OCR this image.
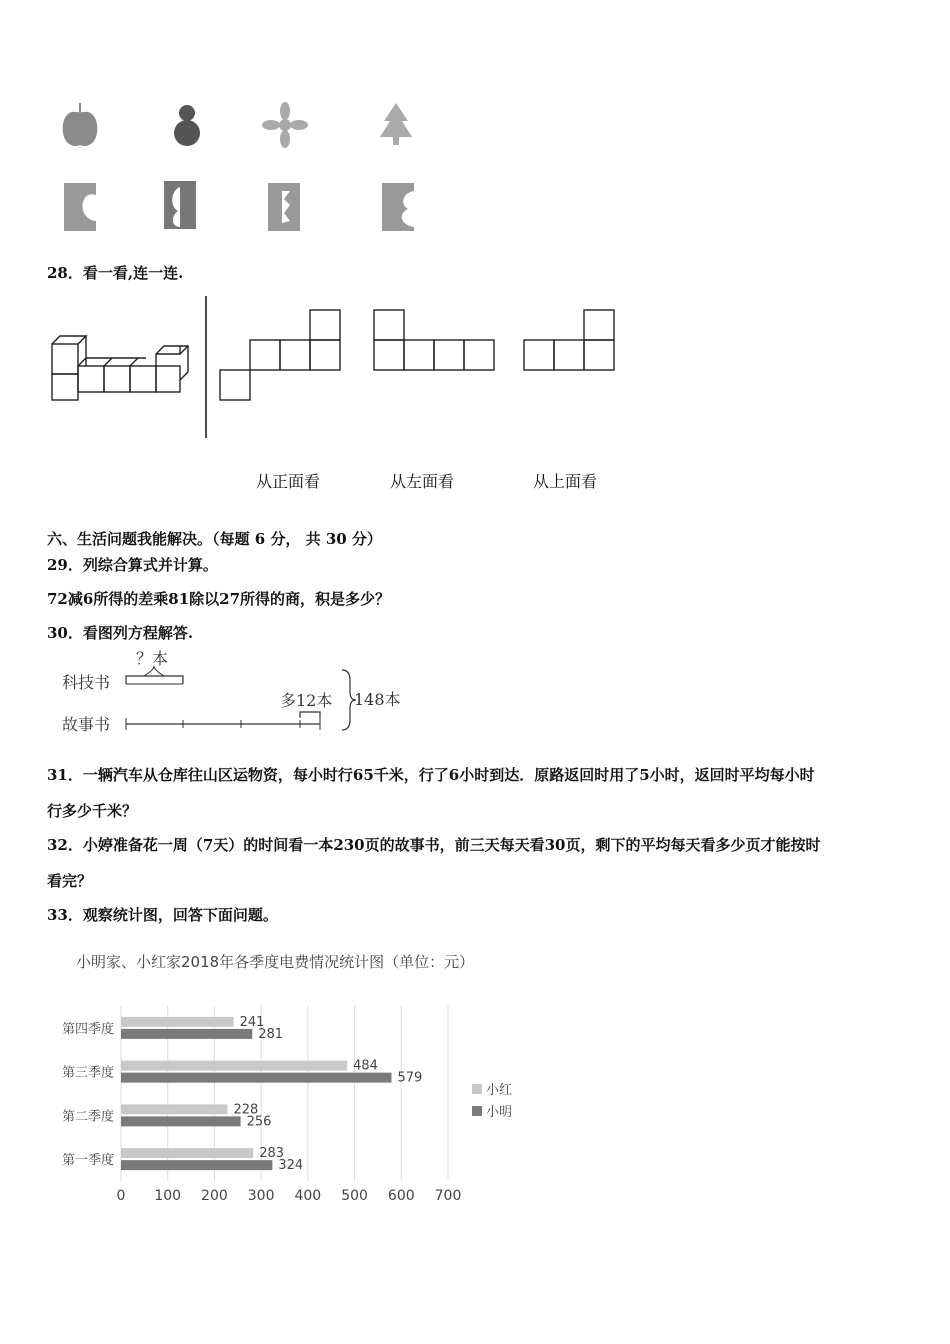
28．看一看,连一连.
从正面看	从左面看	从上面看
六、生活问题我能解决。（每题 6 分， 共 30 分）
29．列综合算式并计算。
72减6所得的差乘81除以27所得的商，积是多少？
30．看图列方程解答.
？本
科技书
多12本
故事书
148本
31．一辆汽车从仓库往山区运物资，每小时行65千米，行了6小时到达．原路返回时用了5小时，返回时平均每小时
行多少千米？
32．小婷准备花一周（7天）的时间看一本230页的故事书，前三天每天看30页，剩下的平均每天看多少页才能按时
看完？
33．观察统计图，回答下面问题。
小明家、小红家2018年各季度电费情况统计图（单位：元）
0 100 200 300 400 500 600 700
第四季度	241
281
第三季度	484
579
第二季度	228
256
第一季度	283
324
小红
小明
